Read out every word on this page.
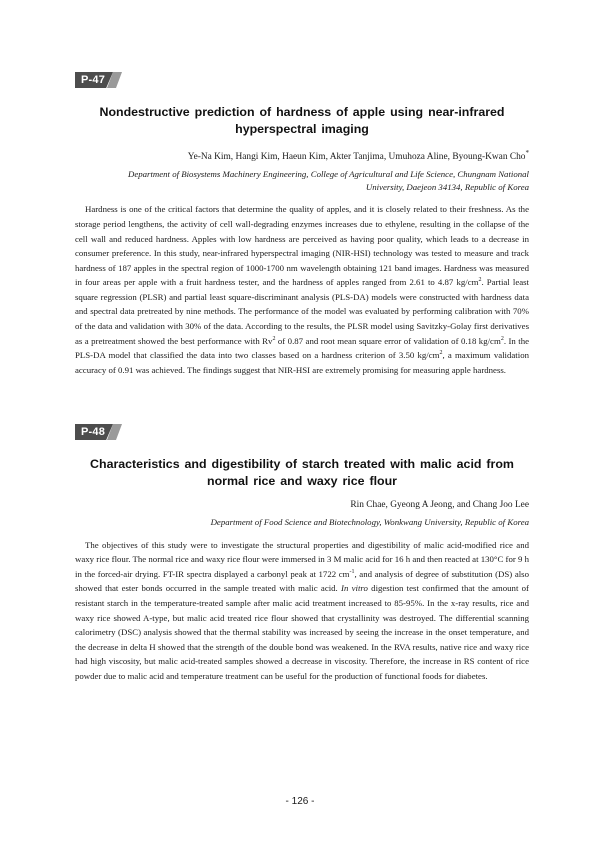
P-47
Nondestructive prediction of hardness of apple using near-infrared
hyperspectral imaging
Ye-Na Kim, Hangi Kim, Haeun Kim, Akter Tanjima, Umuhoza Aline, Byoung-Kwan Cho*
Department of Biosystems Machinery Engineering, College of Agricultural and Life Science, Chungnam National
University, Daejeon 34134, Republic of Korea

Hardness is one of the critical factors that determine the quality of apples, and it is closely related to their freshness. As the storage period lengthens, the activity of cell wall-degrading enzymes increases due to ethylene, resulting in the collapse of the cell wall and reduced hardness. Apples with low hardness are perceived as having poor quality, which leads to a decrease in consumer preference. In this study, near-infrared hyperspectral imaging (NIR-HSI) technology was tested to measure and track hardness of 187 apples in the spectral region of 1000-1700 nm wavelength obtaining 121 band images. Hardness was measured in four areas per apple with a fruit hardness tester, and the hardness of apples ranged from 2.61 to 4.87 $kg/cm^2$. Partial least square regression (PLSR) and partial least square-discriminant analysis (PLS-DA) models were constructed with hardness data and spectral data pretreated by nine methods. The performance of the model was evaluated by performing calibration with 70% of the data and validation with 30% of the data. According to the results, the PLSR model using Savitzky-Golay first derivatives as a pretreatment showed the best performance with Rv$^2$ of 0.87 and root mean square error of validation of 0.18 $kg/cm^2$. In the PLS-DA model that classified the data into two classes based on a hardness criterion of 3.50 $kg/cm^2$, a maximum validation accuracy of 0.91 was achieved. The findings suggest that NIR-HSI are extremely promising for measuring apple hardness.

P-48
Characteristics and digestibility of starch treated with malic acid from
normal rice and waxy rice flour
Rin Chae, Gyeong A Jeong, and Chang Joo Lee
Department of Food Science and Biotechnology, Wonkwang University, Republic of Korea

The objectives of this study were to investigate the structural properties and digestibility of malic acid-modified rice and waxy rice flour. The normal rice and waxy rice flour were immersed in 3 M malic acid for 16 h and then reacted at 130°C for 9 h in the forced-air drying. FT-IR spectra displayed a carbonyl peak at 1722 $cm^{-1}$, and analysis of degree of substitution (DS) also showed that ester bonds occurred in the sample treated with malic acid. In vitro digestion test confirmed that the amount of resistant starch in the temperature-treated sample after malic acid treatment increased to 85-95%. In the x-ray results, rice and waxy rice showed A-type, but malic acid treated rice flour showed that crystallinity was destroyed. The differential scanning calorimetry (DSC) analysis showed that the thermal stability was increased by seeing the increase in the onset temperature, and the decrease in delta H showed that the strength of the double bond was weakened. In the RVA results, native rice and waxy rice had high viscosity, but malic acid-treated samples showed a decrease in viscosity. Therefore, the increase in RS content of rice powder due to malic acid and temperature treatment can be useful for the production of functional foods for diabetes.

- 126 -
